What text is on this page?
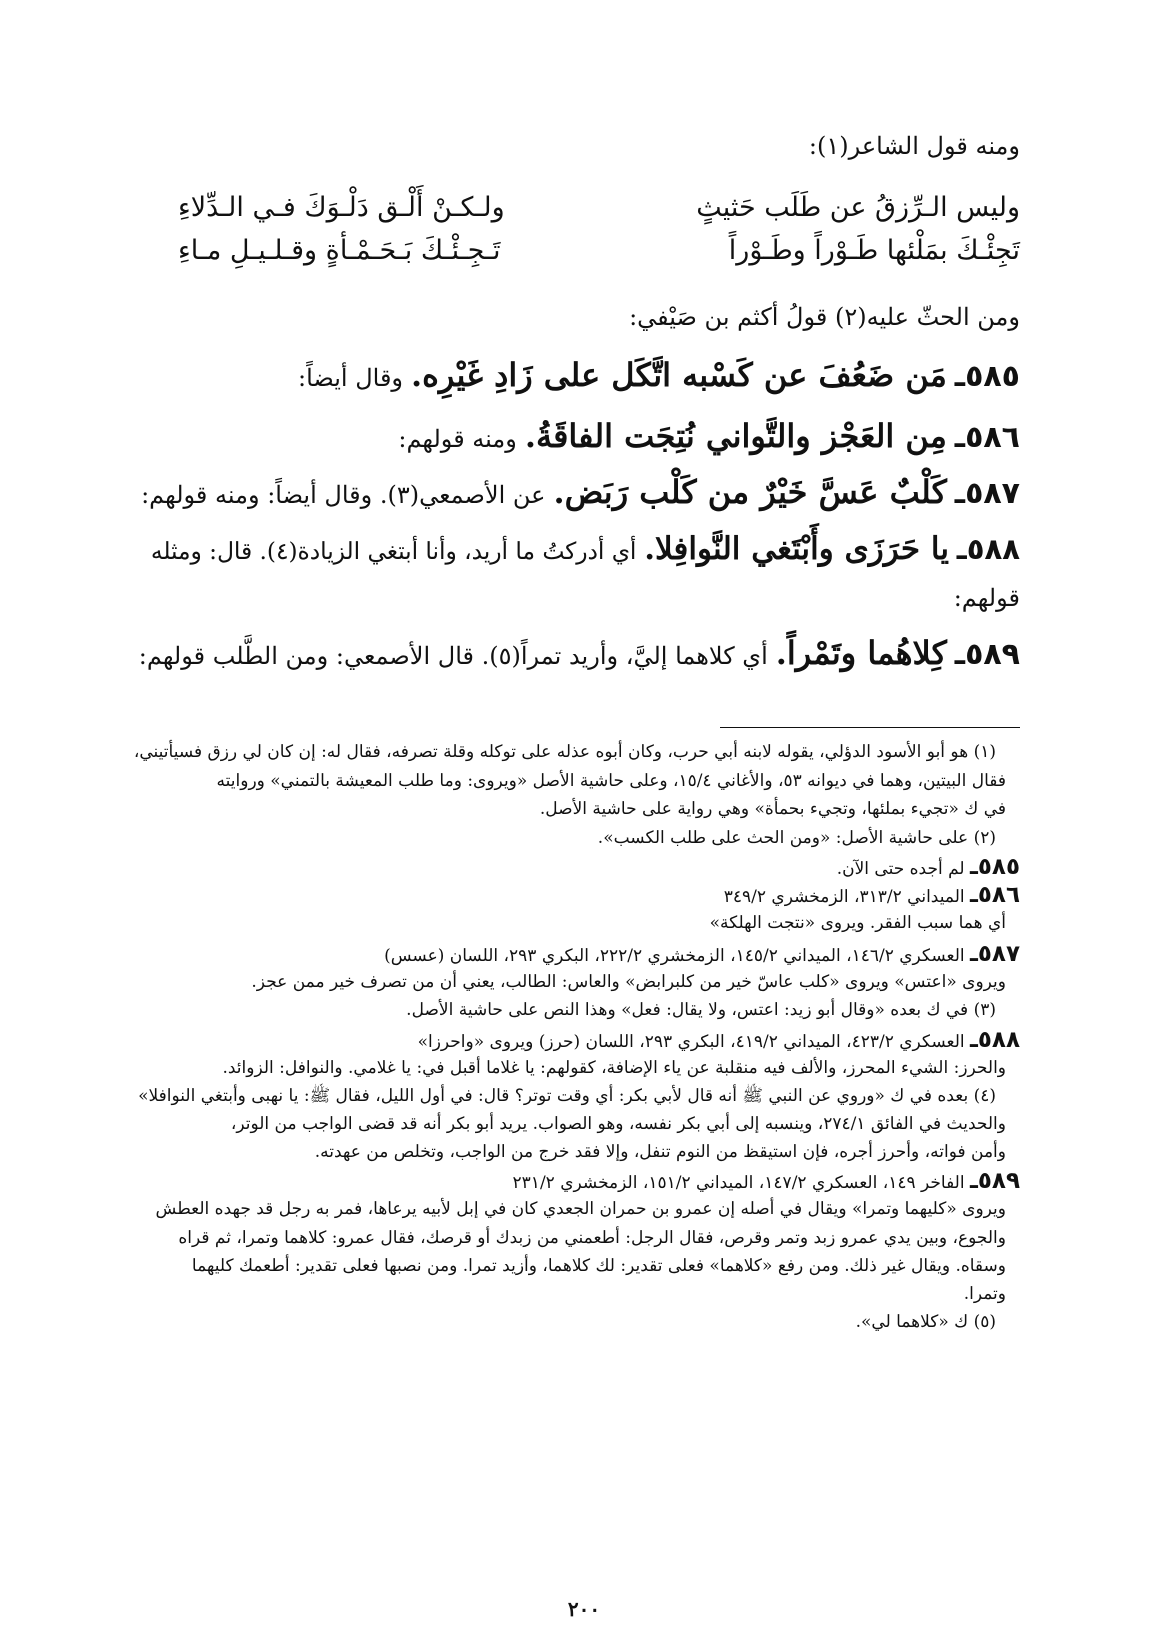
ومنه قول الشاعر(١):
وليس الـرِّزقُ عن طَلَب حَثيثٍ
ولـكـنْ أَلْـق دَلْـوَكَ فـي الـدِّلاءِ
تَجِئْـكَ بمَلْئها طَـوْراً وطَـوْراً
تَـجِـئْـكَ بَـحَـمْـأةٍ وقـلـيـلِ مـاءِ
ومن الحثّ عليه(٢) قولُ أكثم بن صَيْفي:
٥٨٥ـ مَن ضَعُفَ عن كَسْبه اتَّكَل على زَادِ غَيْرِه. وقال أيضاً:
٥٨٦ـ مِن العَجْز والتَّواني نُتِجَت الفاقَةُ. ومنه قولهم:
٥٨٧ـ كَلْبٌ عَسَّ خَيْرٌ من كَلْب رَبَض. عن الأصمعي(٣). وقال أيضاً: ومنه قولهم:
٥٨٨ـ يا حَرَزَى وأَبْتَغي النَّوافِلا. أي أدركتُ ما أريد، وأنا أبتغي الزيادة(٤). قال: ومثله
قولهم:
٥٨٩ـ كِلاهُما وتَمْراً. أي كلاهما إليَّ، وأريد تمراً(٥). قال الأصمعي: ومن الطَّلب قولهم:
(١) هو أبو الأسود الدؤلي، يقوله لابنه أبي حرب، وكان أبوه عذله على توكله وقلة تصرفه، فقال له: إن كان لي رزق فسيأتيني،
فقال البيتين، وهما في ديوانه ٥٣، والأغاني ١٥/٤، وعلى حاشية الأصل «ويروى: وما طلب المعيشة بالتمني» وروايته
في ك «تجيء بملئها، وتجيء بحمأة» وهي رواية على حاشية الأصل.
(٢) على حاشية الأصل: «ومن الحث على طلب الكسب».
٥٨٥ـ لم أجده حتى الآن.
٥٨٦ـ الميداني ٣١٣/٢، الزمخشري ٣٤٩/٢
أي هما سبب الفقر. ويروى «نتجت الهلكة»
٥٨٧ـ العسكري ١٤٦/٢، الميداني ١٤٥/٢، الزمخشري ٢٢٢/٢، البكري ٢٩٣، اللسان (عسس)
ويروى «اعتس» ويروى «كلب عاسّ خير من كلبرابض» والعاس: الطالب، يعني أن من تصرف خير ممن عجز.
(٣) في ك بعده «وقال أبو زيد: اعتس، ولا يقال: فعل» وهذا النص على حاشية الأصل.
٥٨٨ـ العسكري ٤٢٣/٢، الميداني ٤١٩/٢، البكري ٢٩٣، اللسان (حرز) ويروى «واحرزا»
والحرز: الشيء المحرز، والألف فيه منقلبة عن ياء الإضافة، كقولهم: يا غلاما أقبل في: يا غلامي. والنوافل: الزوائد.
(٤) بعده في ك «وروي عن النبي ﷺ أنه قال لأبي بكر: أي وقت توتر؟ قال: في أول الليل، فقال ﷺ: يا نهبى وأبتغي النوافلا»
والحديث في الفائق ٢٧٤/١، وينسبه إلى أبي بكر نفسه، وهو الصواب. يريد أبو بكر أنه قد قضى الواجب من الوتر،
وأمن فواته، وأحرز أجره، فإن استيقظ من النوم تنفل، وإلا فقد خرج من الواجب، وتخلص من عهدته.
٥٨٩ـ الفاخر ١٤٩، العسكري ١٤٧/٢، الميداني ١٥١/٢، الزمخشري ٢٣١/٢
ويروى «كليهما وتمرا» ويقال في أصله إن عمرو بن حمران الجعدي كان في إبل لأبيه يرعاها، فمر به رجل قد جهده العطش
والجوع، وبين يدي عمرو زبد وتمر وقرص، فقال الرجل: أطعمني من زبدك أو قرصك، فقال عمرو: كلاهما وتمرا، ثم قراه
وسقاه. ويقال غير ذلك. ومن رفع «كلاهما» فعلى تقدير: لك كلاهما، وأزيد تمرا. ومن نصبها فعلى تقدير: أطعمك كليهما
وتمرا.
(٥) ك «كلاهما لي».
٢٠٠
